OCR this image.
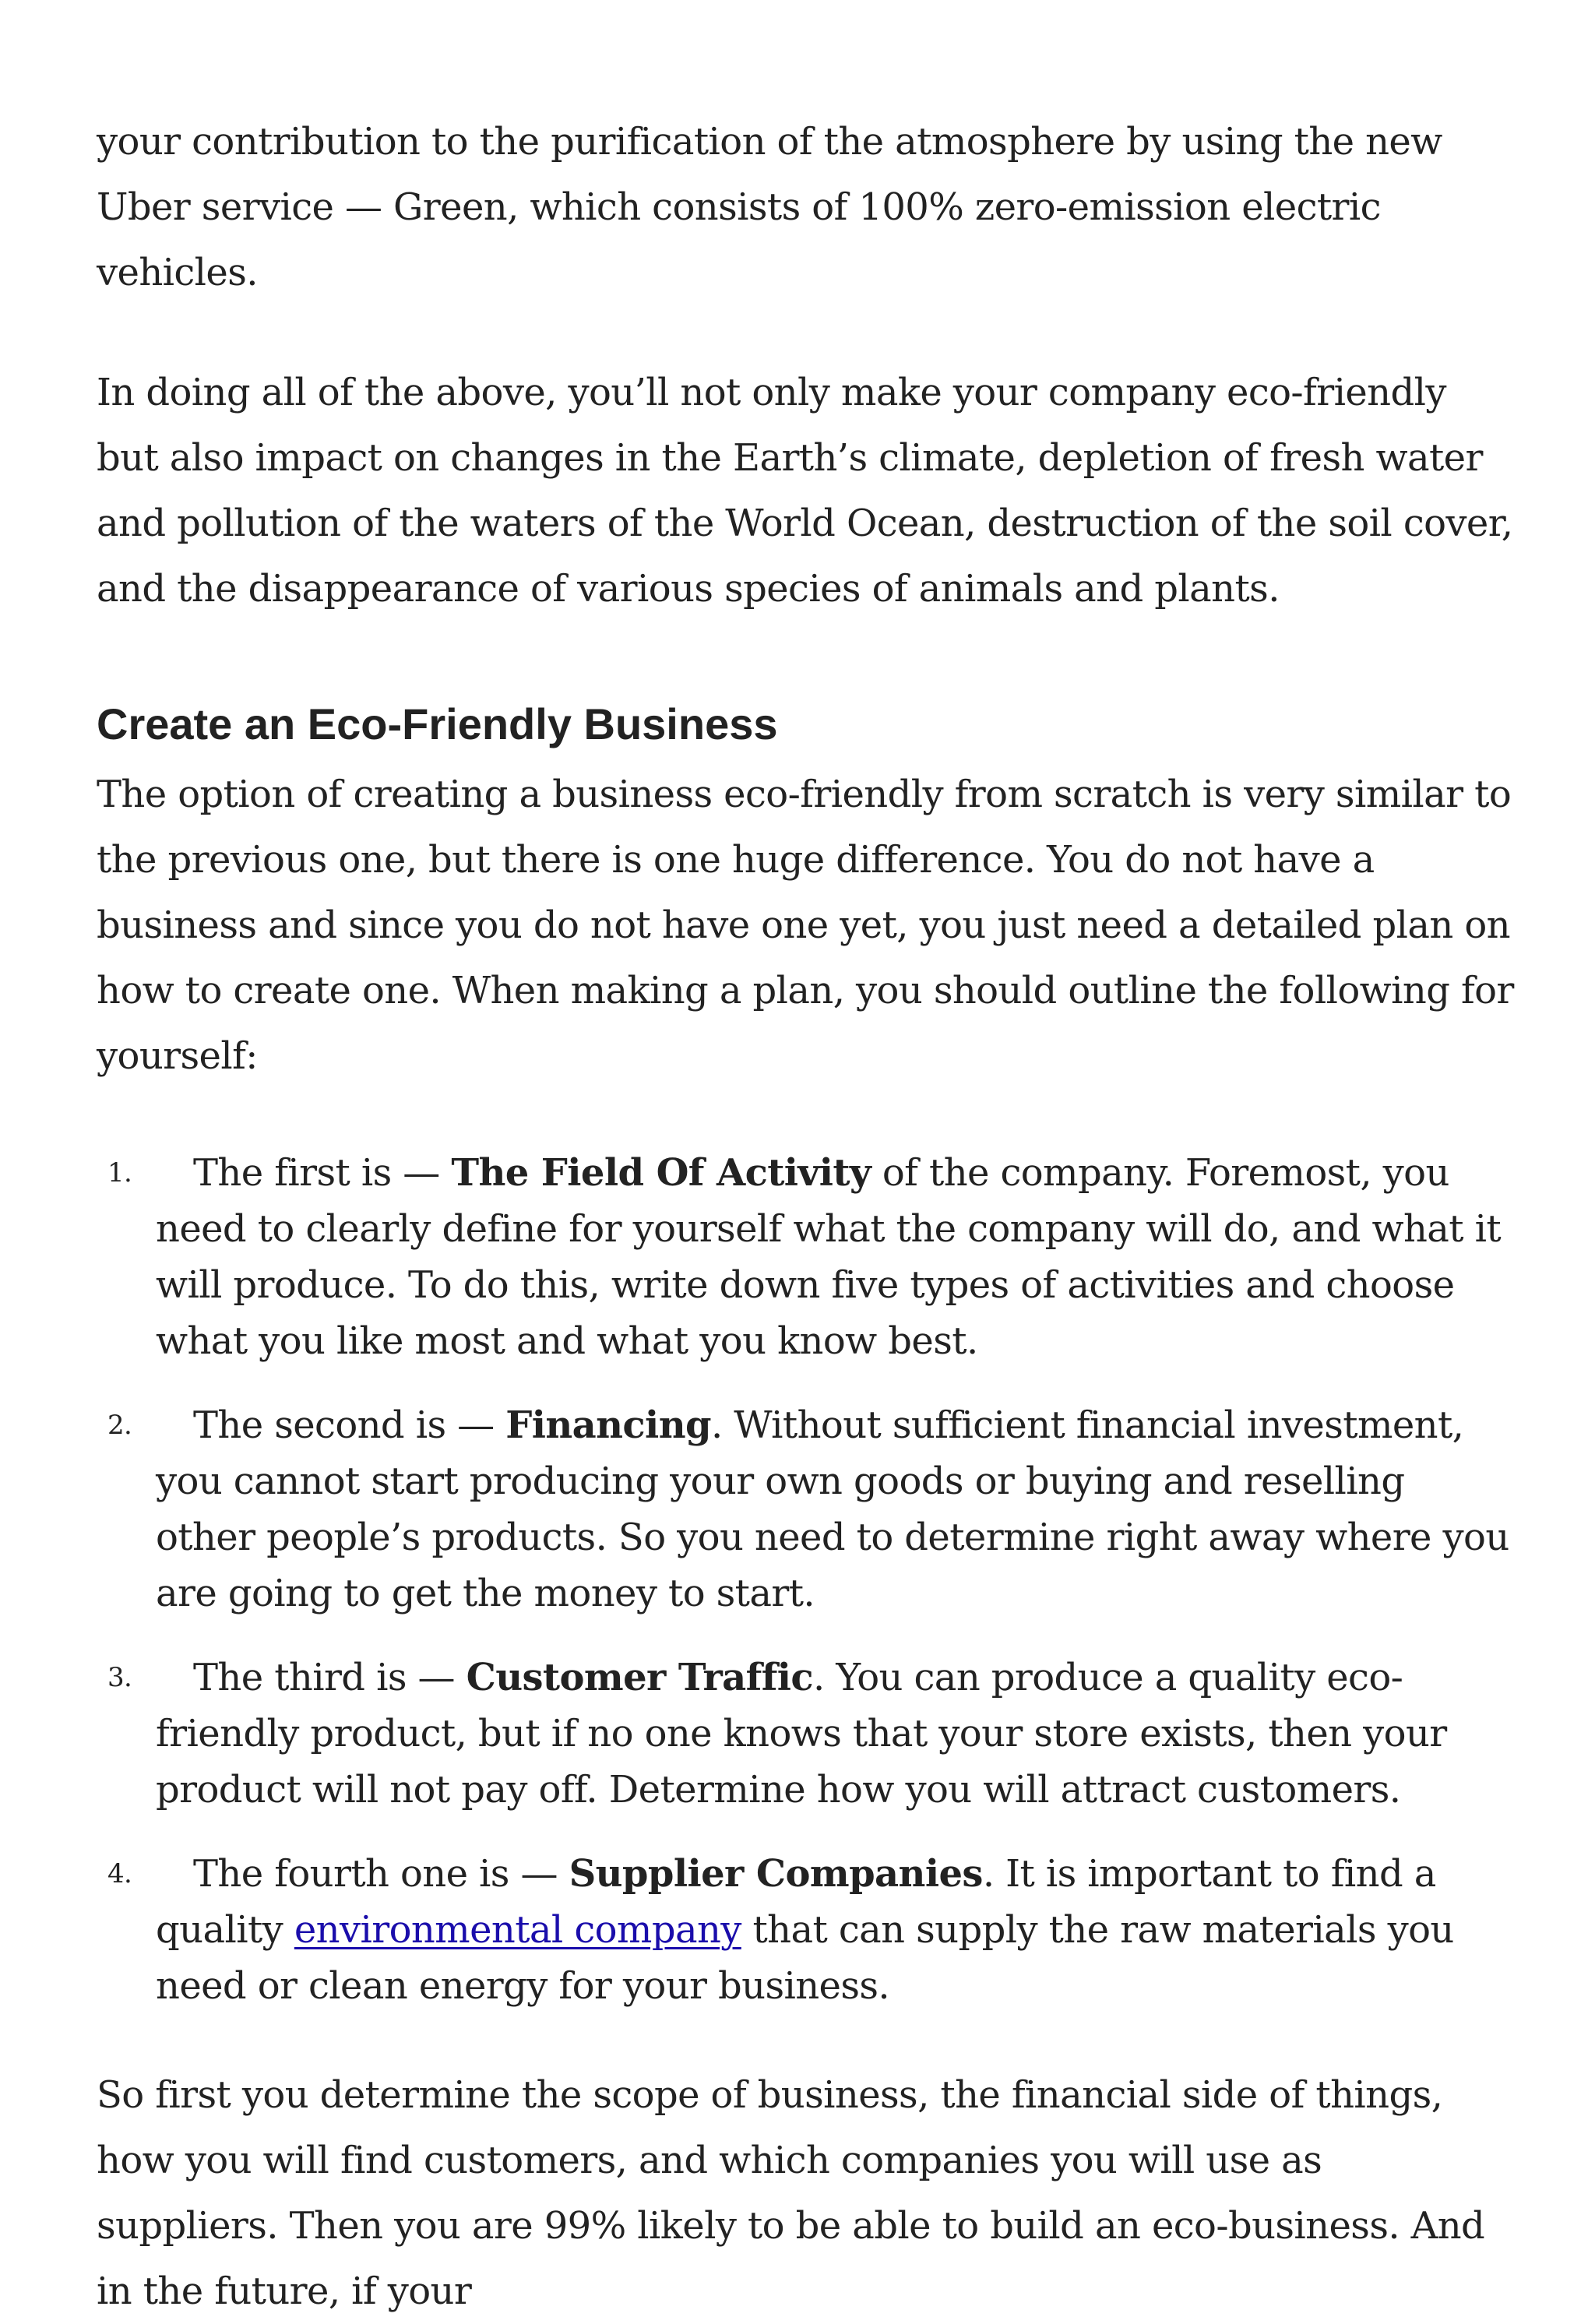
your contribution to the purification of the atmosphere by using the new Uber service — Green, which consists of 100% zero-emission electric vehicles.

In doing all of the above, you’ll not only make your company eco-friendly but also impact on changes in the Earth’s climate, depletion of fresh water and pollution of the waters of the World Ocean, destruction of the soil cover, and the disappearance of various species of animals and plants.

Create an Eco-Friendly Business

The option of creating a business eco-friendly from scratch is very similar to the previous one, but there is one huge difference. You do not have a business and since you do not have one yet, you just need a detailed plan on how to create one. When making a plan, you should outline the following for yourself:

1. The first is — The Field Of Activity of the company. Foremost, you need to clearly define for yourself what the company will do, and what it will produce. To do this, write down five types of activities and choose what you like most and what you know best.
2. The second is — Financing. Without sufficient financial investment, you cannot start producing your own goods or buying and reselling other people’s products. So you need to determine right away where you are going to get the money to start.
3. The third is — Customer Traffic. You can produce a quality eco-friendly product, but if no one knows that your store exists, then your product will not pay off. Determine how you will attract customers.
4. The fourth one is — Supplier Companies. It is important to find a quality environmental company that can supply the raw materials you need or clean energy for your business.

So first you determine the scope of business, the financial side of things, how you will find customers, and which companies you will use as suppliers. Then you are 99% likely to be able to build an eco-business. And in the future, if your
